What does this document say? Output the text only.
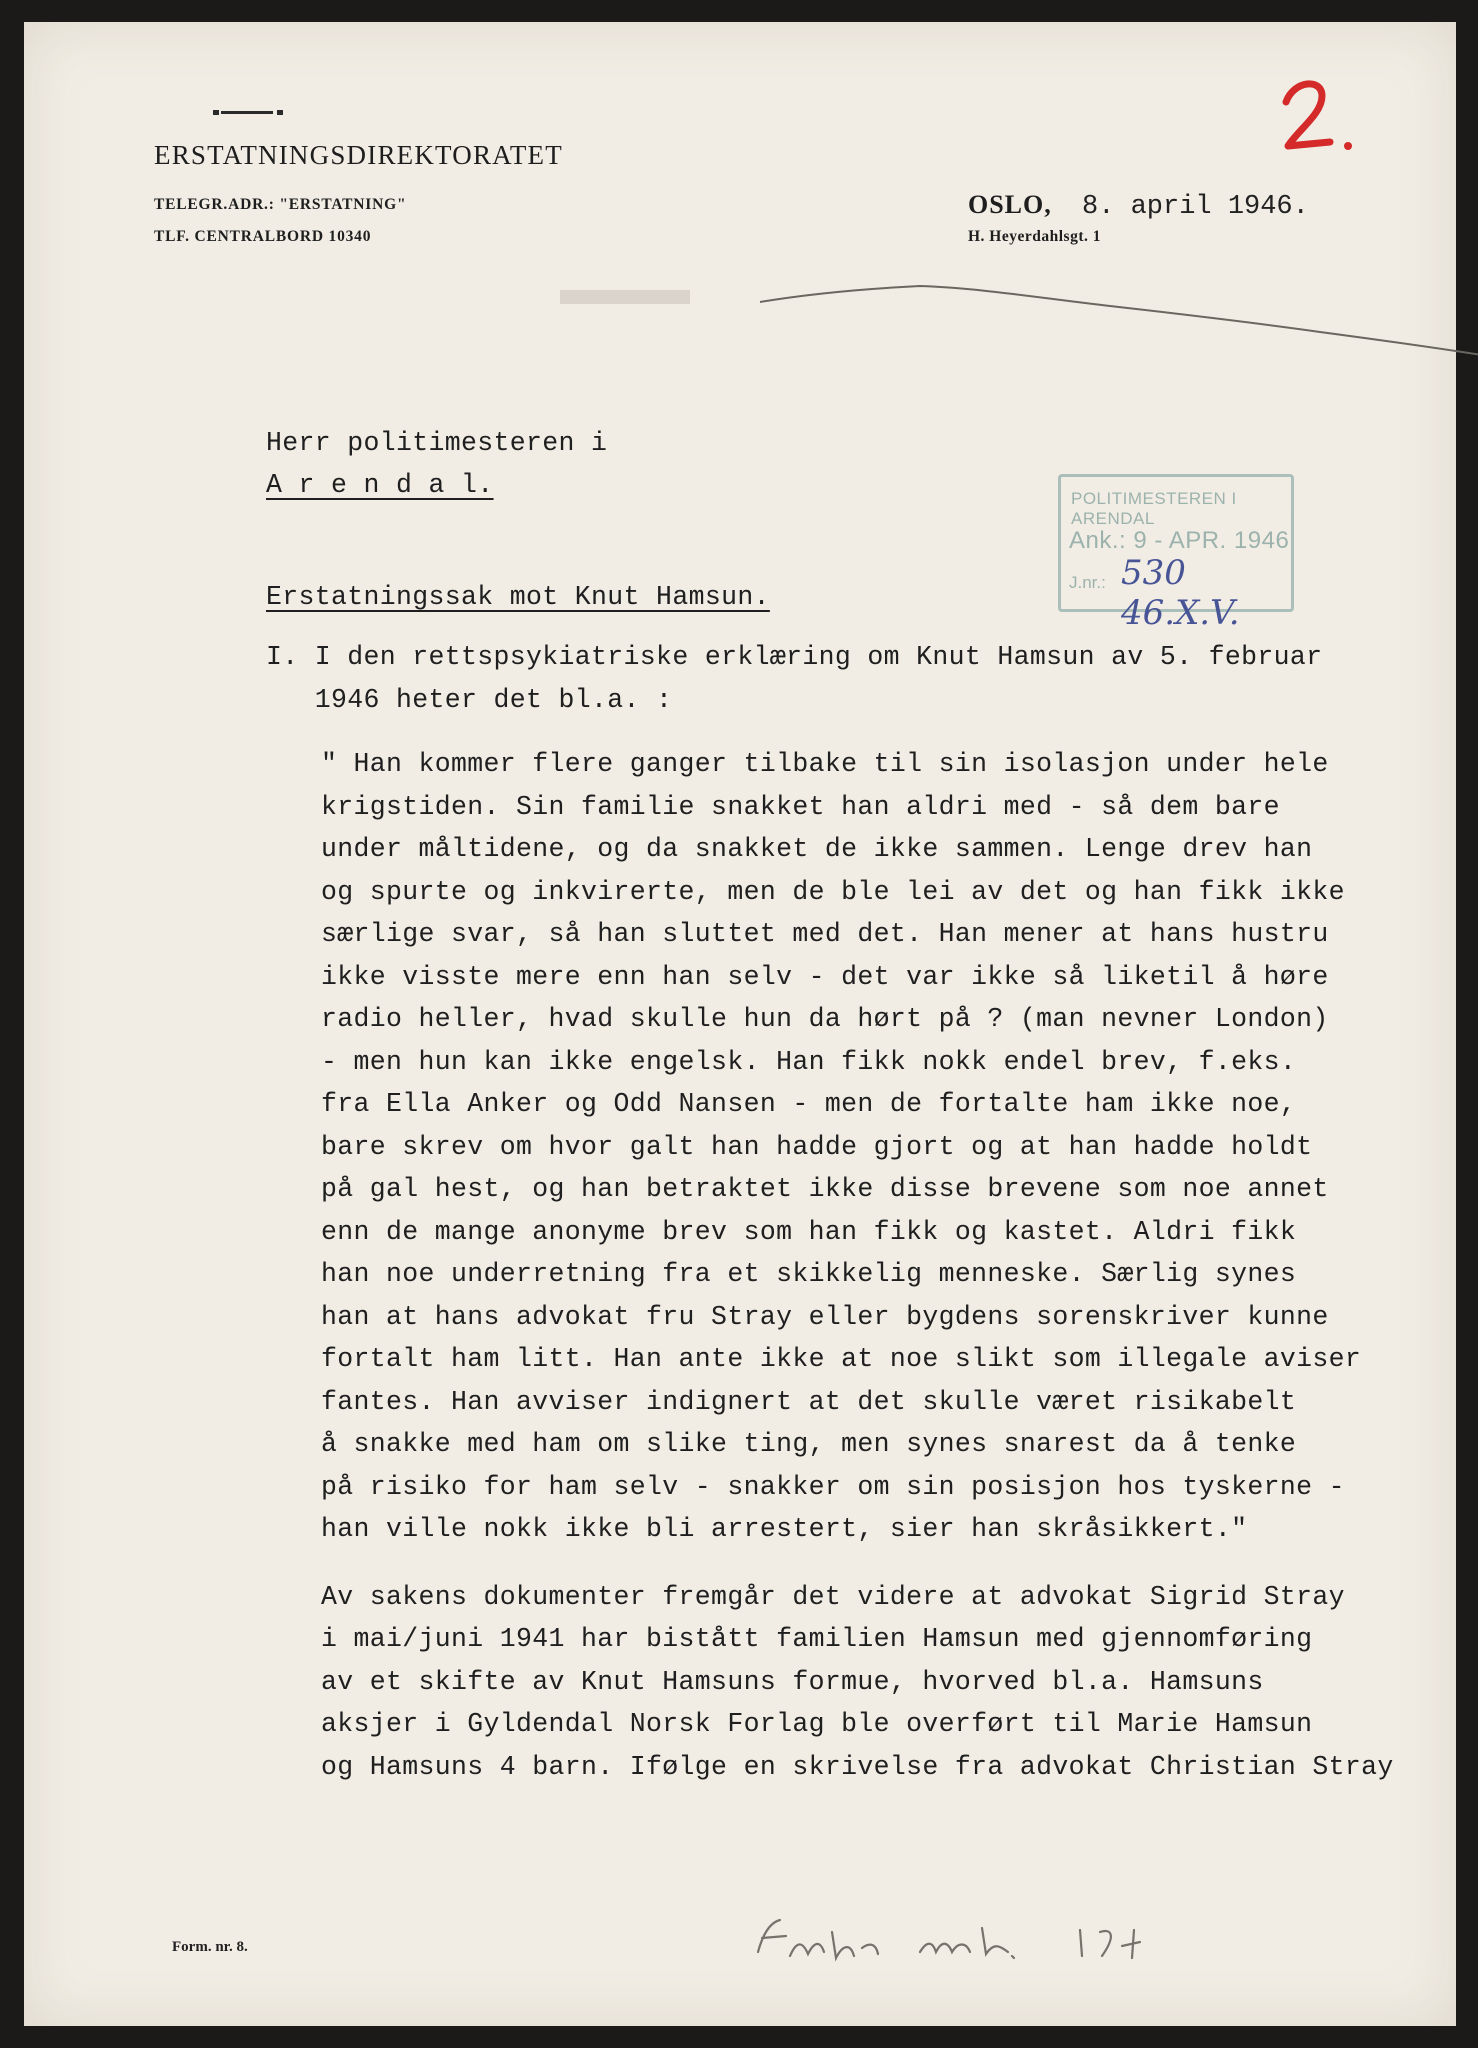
ERSTATNINGSDIREKTORATET
TELEGR.ADR.: "ERSTATNING"
TLF. CENTRALBORD 10340
OSLO, 8. april 1946.
H. Heyerdahlsgt. 1
Herr politimesteren i
A r e n d a l.	POLITIMESTEREN I ARENDAL
Ank.: 9 - APR. 1946
J.nr.: 530 46.X.V.
Erstatningssak mot Knut Hamsun.
I. I den rettspsykiatriske erklæring om Knut Hamsun av 5. februar
1946 heter det bl.a. :
" Han kommer flere ganger tilbake til sin isolasjon under hele
krigstiden. Sin familie snakket han aldri med - så dem bare
under måltidene, og da snakket de ikke sammen. Lenge drev han
og spurte og inkvirerte, men de ble lei av det og han fikk ikke
særlige svar, så han sluttet med det. Han mener at hans hustru
ikke visste mere enn han selv - det var ikke så liketil å høre
radio heller, hvad skulle hun da hørt på ? (man nevner London)
- men hun kan ikke engelsk. Han fikk nokk endel brev, f.eks.
fra Ella Anker og Odd Nansen - men de fortalte ham ikke noe,
bare skrev om hvor galt han hadde gjort og at han hadde holdt
på gal hest, og han betraktet ikke disse brevene som noe annet
enn de mange anonyme brev som han fikk og kastet. Aldri fikk
han noe underretning fra et skikkelig menneske. Særlig synes
han at hans advokat fru Stray eller bygdens sorenskriver kunne
fortalt ham litt. Han ante ikke at noe slikt som illegale aviser
fantes. Han avviser indignert at det skulle været risikabelt
å snakke med ham om slike ting, men synes snarest da å tenke
på risiko for ham selv - snakker om sin posisjon hos tyskerne -
han ville nokk ikke bli arrestert, sier han skråsikkert."
Av sakens dokumenter fremgår det videre at advokat Sigrid Stray
i mai/juni 1941 har bistått familien Hamsun med gjennomføring
av et skifte av Knut Hamsuns formue, hvorved bl.a. Hamsuns
aksjer i Gyldendal Norsk Forlag ble overført til Marie Hamsun
og Hamsuns 4 barn. Ifølge en skrivelse fra advokat Christian Stray
Form. nr. 8.
